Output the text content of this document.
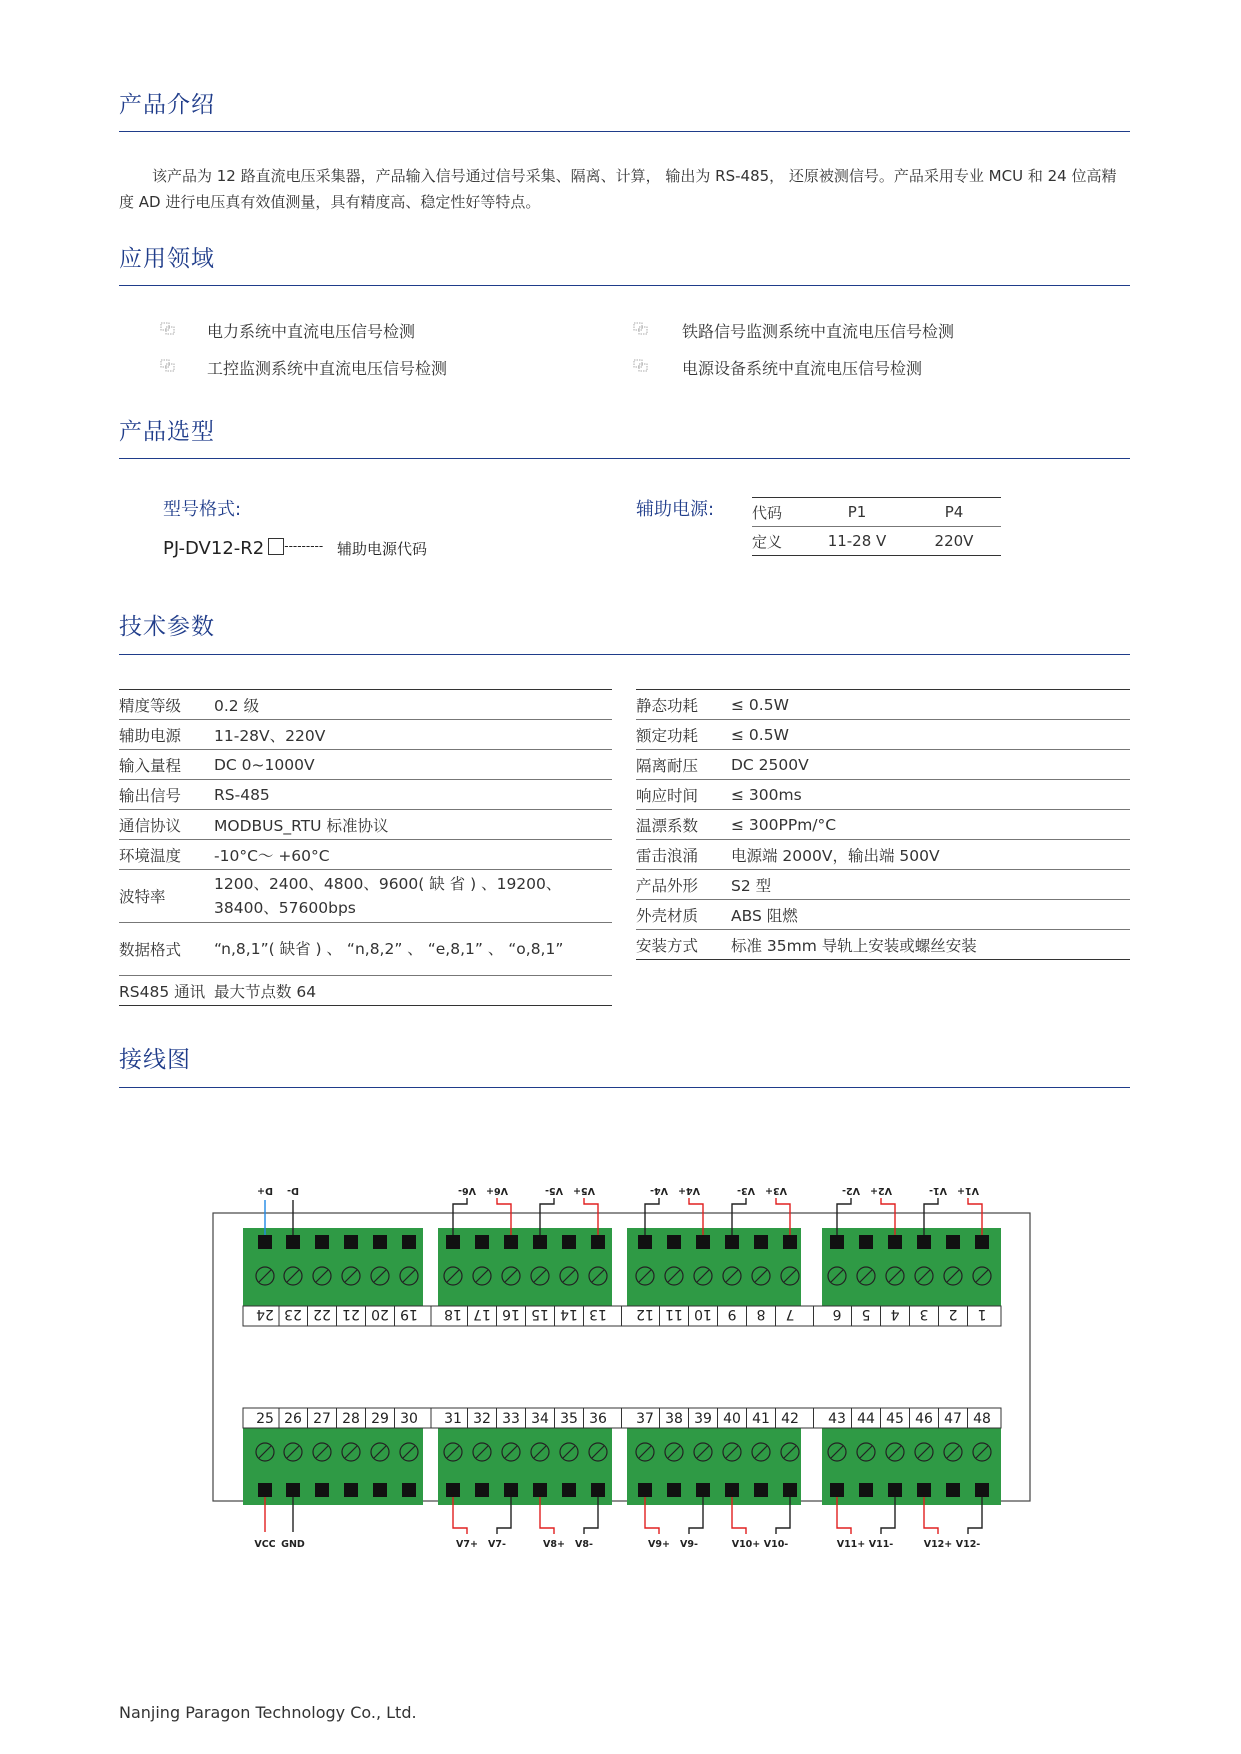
产品介绍
该产品为 12 路直流电压采集器，产品输入信号通过信号采集、隔离、计算， 输出为 RS-485， 还原被测信号。产品采用专业 MCU 和 24 位高精度 AD 进行电压真有效值测量，具有精度高、稳定性好等特点。
应用领域
电力系统中直流电压信号检测	铁路信号监测系统中直流电压信号检测
工控监测系统中直流电压信号检测	电源设备系统中直流电压信号检测
产品选型
型号格式:
PJ-DV12-R2 --------- 辅助电源代码
辅助电源:	代码	P1	P4
定义	11-28 V	220V
技术参数
精度等级	0.2 级
辅助电源	11-28V、220V
输入量程	DC 0~1000V
输出信号	RS-485
通信协议	MODBUS_RTU 标准协议
环境温度	-10°C～ +60°C
波特率	1200、2400、4800、9600( 缺 省 ) 、19200、38400、57600bps
数据格式	“n,8,1”( 缺省 ) 、 “n,8,2” 、 “e,8,1” 、 “o,8,1”
RS485 通讯	最大节点数 64
静态功耗	≤ 0.5W
额定功耗	≤ 0.5W
隔离耐压	DC 2500V
响应时间	≤ 300ms
温漂系数	≤ 300PPm/°C
雷击浪涌	电源端 2000V，输出端 500V
产品外形	S2 型
外壳材质	ABS 阻燃
安装方式	标准 35mm 导轨上安装或螺丝安装
接线图
24
25
23
26
22
27
21
28
20
29
19
30
18
31
17
32
16
33
15
34
14
35
13
36
12
37
11
38
10
39
9
40
8
41
7
42
6
43
5
44
4
45
3
46
2
47
1
48
D+ D-	V6- V6+	V5- V5+	V4- V4+	V3- V3+	V2- V2+	V1- V1+
VCC GND	V7+ V7-	V8+ V8-	V9+ V9-	V10+ V10-	V11+ V11-	V12+ V12-
Nanjing Paragon Technology Co., Ltd.
